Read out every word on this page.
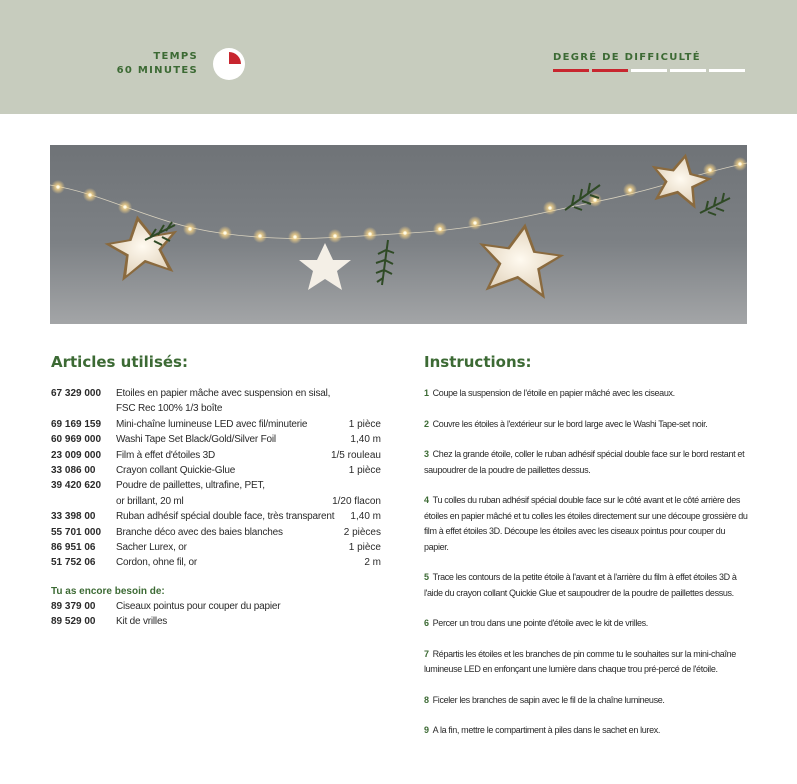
TEMPS
60 MINUTES
DEGRÉ DE DIFFICULTÉ
Articles utilisés:
67 329 000	Etoiles en papier mâche avec suspension en sisal,
FSC Rec 100% 1/3 boîte
69 169 159	Mini-chaîne lumineuse LED avec fil/minuterie	1 pièce
60 969 000	Washi Tape Set Black/Gold/Silver Foil	1,40 m
23 009 000	Film à effet d'étoiles 3D	1/5 rouleau
33 086 00	Crayon collant Quickie-Glue	1 pièce
39 420 620	Poudre de paillettes, ultrafine, PET,
or brillant, 20 ml	1/20 flacon
33 398 00	Ruban adhésif spécial double face, très transparent	1,40 m
55 701 000	Branche déco avec des baies blanches	2 pièces
86 951 06	Sacher Lurex, or	1 pièce
51 752 06	Cordon, ohne fil, or	2 m
Tu as encore besoin de:
89 379 00	Ciseaux pointus pour couper du papier
89 529 00	Kit de vrilles
Instructions:
1 Coupe la suspension de l'étoile en papier mâché avec les ciseaux.
2 Couvre les étoiles à l'extérieur sur le bord large avec le Washi Tape-set noir.
3 Chez la grande étoile, coller le ruban adhésif spécial double face sur le bord restant et saupoudrer de la poudre de paillettes dessus.
4 Tu colles du ruban adhésif spécial double face sur le côté avant et le côté arrière des étoiles en papier mâché et tu colles les étoiles directement sur une découpe grossière du film à effet étoiles 3D. Découpe les étoiles avec les ciseaux pointus pour couper du papier.
5 Trace les contours de la petite étoile à l'avant et à l'arrière du film à effet étoiles 3D à l'aide du crayon collant Quickie Glue et saupoudrer de la poudre de paillettes dessus.
6 Percer un trou dans une pointe d'étoile avec le kit de vrilles.
7 Répartis les étoiles et les branches de pin comme tu le souhaites sur la mini-chaîne lumineuse LED en enfonçant une lumière dans chaque trou pré-percé de l'étoile.
8 Ficeler les branches de sapin avec le fil de la chaîne lumineuse.
9 A la fin, mettre le compartiment à piles dans le sachet en lurex.
